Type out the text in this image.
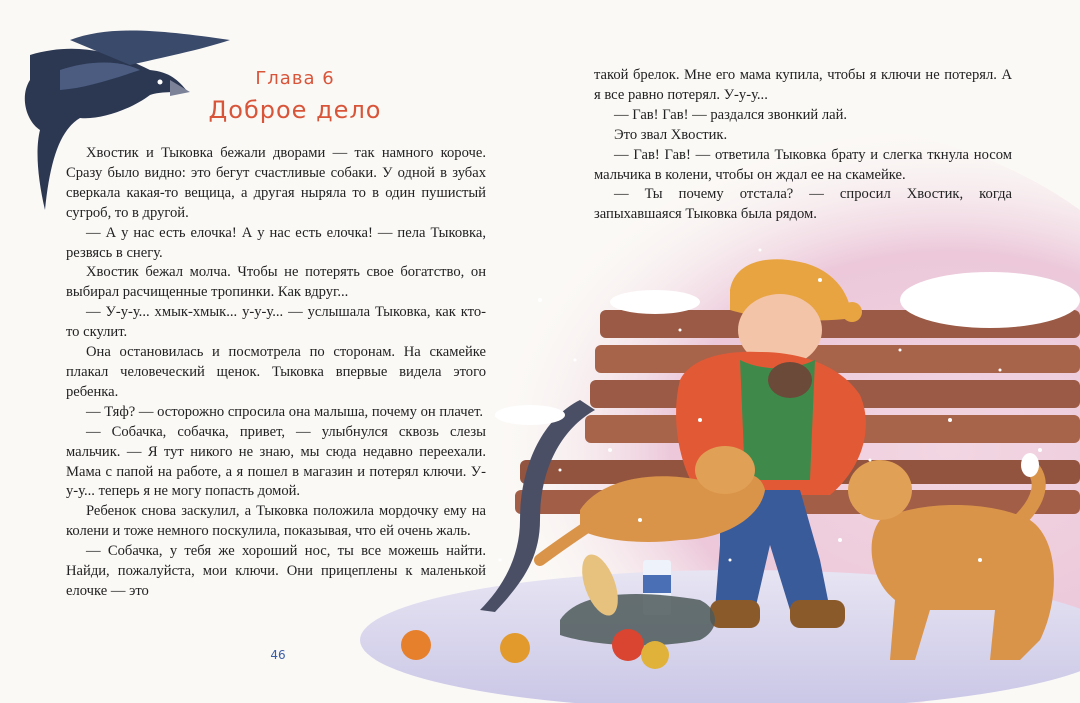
Глава 6
Доброе дело

Хвостик и Тыковка бежали дворами — так намного короче. Сразу было видно: это бегут счастливые собаки. У одной в зубах сверкала какая-то вещица, а другая ныряла то в один пушистый сугроб, то в другой.

— А у нас есть елочка! А у нас есть елочка! — пела Тыковка, резвясь в снегу.

Хвостик бежал молча. Чтобы не потерять свое богатство, он выбирал расчищенные тропинки. Как вдруг...

— У-у-у... хмык-хмык... у-у-у... — услышала Тыковка, как кто-то скулит.

Она остановилась и посмотрела по сторонам. На скамейке плакал человеческий щенок. Тыковка впервые видела этого ребенка.

— Тяф? — осторожно спросила она малыша, почему он плачет.

— Собачка, собачка, привет, — улыбнулся сквозь слезы мальчик. — Я тут никого не знаю, мы сюда недавно переехали. Мама с папой на работе, а я пошел в магазин и потерял ключи. У-у-у... теперь я не могу попасть домой.

Ребенок снова заскулил, а Тыковка положила мордочку ему на колени и тоже немного поскулила, показывая, что ей очень жаль.

— Собачка, у тебя же хороший нос, ты все можешь найти. Найди, пожалуйста, мои ключи. Они прицеплены к маленькой елочке — это

такой брелок. Мне его мама купила, чтобы я ключи не потерял. А я все равно потерял. У-у-у...

— Гав! Гав! — раздался звонкий лай.

Это звал Хвостик.

— Гав! Гав! — ответила Тыковка брату и слегка ткнула носом мальчика в колени, чтобы он ждал ее на скамейке.

— Ты почему отстала? — спросил Хвостик, когда запыхавшаяся Тыковка была рядом.

46
